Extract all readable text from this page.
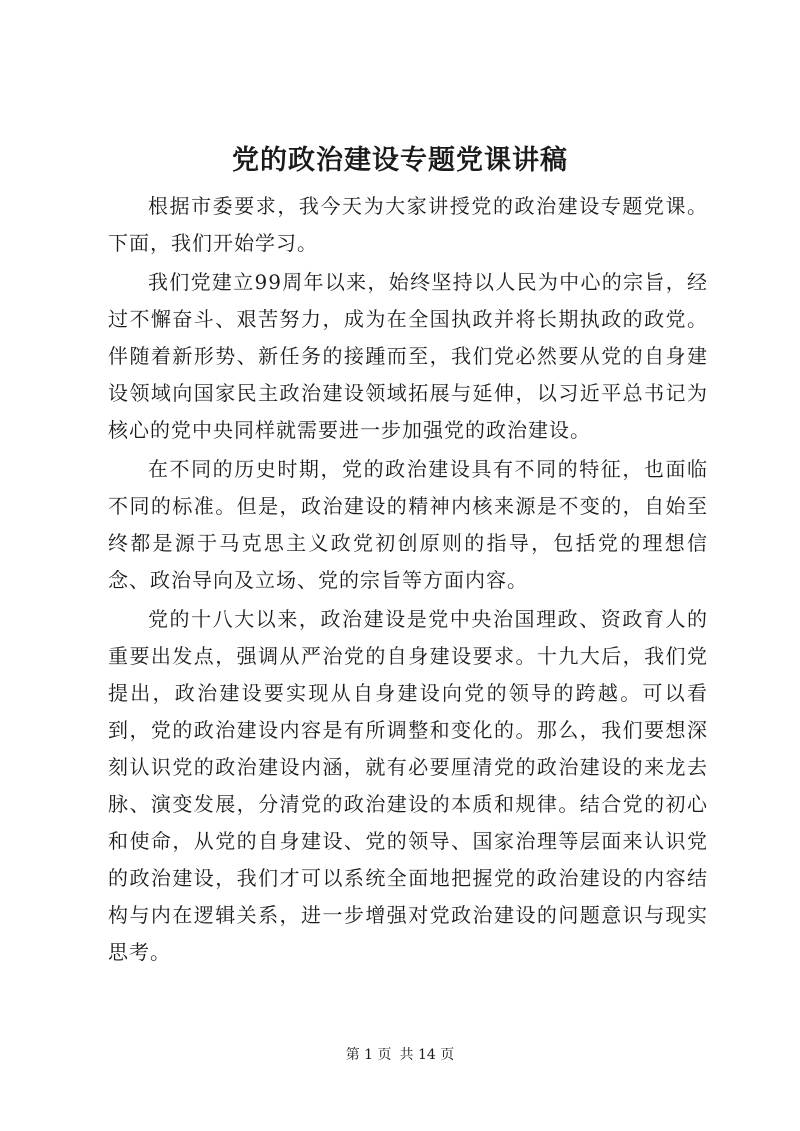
党的政治建设专题党课讲稿

根据市委要求，我今天为大家讲授党的政治建设专题党课。下面，我们开始学习。

我们党建立99周年以来，始终坚持以人民为中心的宗旨，经过不懈奋斗、艰苦努力，成为在全国执政并将长期执政的政党。伴随着新形势、新任务的接踵而至，我们党必然要从党的自身建设领域向国家民主政治建设领域拓展与延伸，以习近平总书记为核心的党中央同样就需要进一步加强党的政治建设。

在不同的历史时期，党的政治建设具有不同的特征，也面临不同的标准。但是，政治建设的精神内核来源是不变的，自始至终都是源于马克思主义政党初创原则的指导，包括党的理想信念、政治导向及立场、党的宗旨等方面内容。

党的十八大以来，政治建设是党中央治国理政、资政育人的重要出发点，强调从严治党的自身建设要求。十九大后，我们党提出，政治建设要实现从自身建设向党的领导的跨越。可以看到，党的政治建设内容是有所调整和变化的。那么，我们要想深刻认识党的政治建设内涵，就有必要厘清党的政治建设的来龙去脉、演变发展，分清党的政治建设的本质和规律。结合党的初心和使命，从党的自身建设、党的领导、国家治理等层面来认识党的政治建设，我们才可以系统全面地把握党的政治建设的内容结构与内在逻辑关系，进一步增强对党政治建设的问题意识与现实思考。

第 1 页 共 14 页
